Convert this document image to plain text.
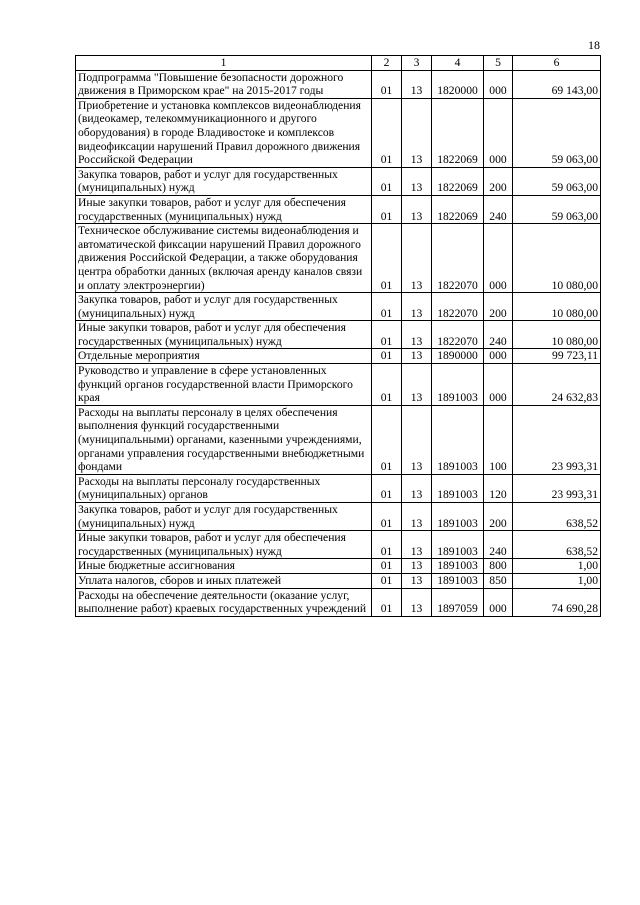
18
1	2	3	4	5	6
Подпрограмма "Повышение безопасности дорожного движения в Приморском крае" на 2015-2017 годы	01	13	1820000	000	69 143,00
Приобретение и установка комплексов видеонаблюдения (видеокамер, телекоммуникационного и другого оборудования) в городе Владивостоке и комплексов видеофиксации нарушений Правил дорожного движения Российской Федерации	01	13	1822069	000	59 063,00
Закупка товаров, работ и услуг для государственных (муниципальных) нужд	01	13	1822069	200	59 063,00
Иные закупки товаров, работ и услуг для обеспечения государственных (муниципальных) нужд	01	13	1822069	240	59 063,00
Техническое обслуживание системы видеонаблюдения и автоматической фиксации нарушений Правил дорожного движения Российской Федерации, а также оборудования центра обработки данных (включая аренду каналов связи и оплату электроэнергии)	01	13	1822070	000	10 080,00
Закупка товаров, работ и услуг для государственных (муниципальных) нужд	01	13	1822070	200	10 080,00
Иные закупки товаров, работ и услуг для обеспечения государственных (муниципальных) нужд	01	13	1822070	240	10 080,00
Отдельные мероприятия	01	13	1890000	000	99 723,11
Руководство и управление в сфере установленных функций органов государственной власти Приморского края	01	13	1891003	000	24 632,83
Расходы на выплаты персоналу в целях обеспечения выполнения функций государственными (муниципальными) органами, казенными учреждениями, органами управления государственными внебюджетными фондами	01	13	1891003	100	23 993,31
Расходы на выплаты персоналу государственных (муниципальных) органов	01	13	1891003	120	23 993,31
Закупка товаров, работ и услуг для государственных (муниципальных) нужд	01	13	1891003	200	638,52
Иные закупки товаров, работ и услуг для обеспечения государственных (муниципальных) нужд	01	13	1891003	240	638,52
Иные бюджетные ассигнования	01	13	1891003	800	1,00
Уплата налогов, сборов и иных платежей	01	13	1891003	850	1,00
Расходы на обеспечение деятельности (оказание услуг, выполнение работ) краевых государственных учреждений	01	13	1897059	000	74 690,28
